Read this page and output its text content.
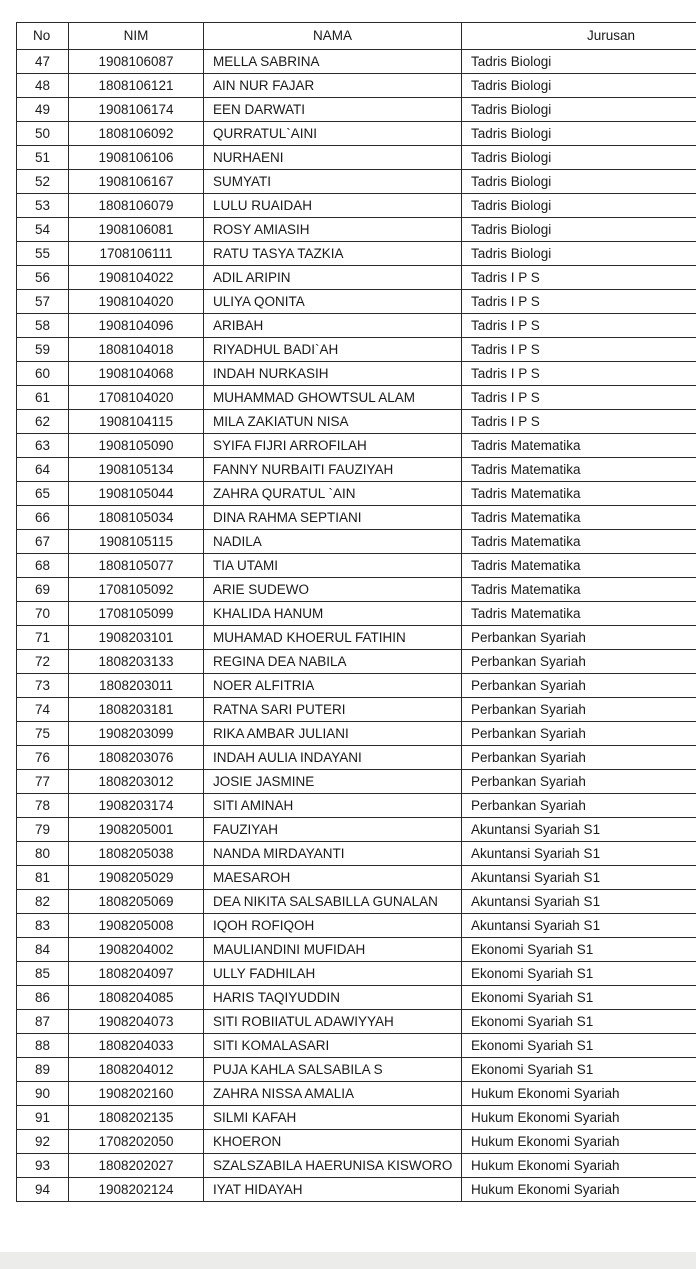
No	NIM	NAMA	Jurusan
47	1908106087	MELLA SABRINA	Tadris Biologi
48	1808106121	AIN NUR FAJAR	Tadris Biologi
49	1908106174	EEN DARWATI	Tadris Biologi
50	1808106092	QURRATUL`AINI	Tadris Biologi
51	1908106106	NURHAENI	Tadris Biologi
52	1908106167	SUMYATI	Tadris Biologi
53	1808106079	LULU RUAIDAH	Tadris Biologi
54	1908106081	ROSY AMIASIH	Tadris Biologi
55	1708106111	RATU TASYA TAZKIA	Tadris Biologi
56	1908104022	ADIL ARIPIN	Tadris I P S
57	1908104020	ULIYA QONITA	Tadris I P S
58	1908104096	ARIBAH	Tadris I P S
59	1808104018	RIYADHUL BADI`AH	Tadris I P S
60	1908104068	INDAH NURKASIH	Tadris I P S
61	1708104020	MUHAMMAD GHOWTSUL ALAM	Tadris I P S
62	1908104115	MILA ZAKIATUN NISA	Tadris I P S
63	1908105090	SYIFA FIJRI ARROFILAH	Tadris Matematika
64	1908105134	FANNY NURBAITI FAUZIYAH	Tadris Matematika
65	1908105044	ZAHRA QURATUL `AIN	Tadris Matematika
66	1808105034	DINA RAHMA SEPTIANI	Tadris Matematika
67	1908105115	NADILA	Tadris Matematika
68	1808105077	TIA UTAMI	Tadris Matematika
69	1708105092	ARIE SUDEWO	Tadris Matematika
70	1708105099	KHALIDA HANUM	Tadris Matematika
71	1908203101	MUHAMAD KHOERUL FATIHIN	Perbankan Syariah
72	1808203133	REGINA DEA NABILA	Perbankan Syariah
73	1808203011	NOER ALFITRIA	Perbankan Syariah
74	1808203181	RATNA SARI PUTERI	Perbankan Syariah
75	1908203099	RIKA AMBAR JULIANI	Perbankan Syariah
76	1808203076	INDAH AULIA INDAYANI	Perbankan Syariah
77	1808203012	JOSIE JASMINE	Perbankan Syariah
78	1908203174	SITI AMINAH	Perbankan Syariah
79	1908205001	FAUZIYAH	Akuntansi Syariah S1
80	1808205038	NANDA MIRDAYANTI	Akuntansi Syariah S1
81	1908205029	MAESAROH	Akuntansi Syariah S1
82	1808205069	DEA NIKITA SALSABILLA GUNALAN	Akuntansi Syariah S1
83	1908205008	IQOH ROFIQOH	Akuntansi Syariah S1
84	1908204002	MAULIANDINI MUFIDAH	Ekonomi Syariah S1
85	1808204097	ULLY FADHILAH	Ekonomi Syariah S1
86	1808204085	HARIS TAQIYUDDIN	Ekonomi Syariah S1
87	1908204073	SITI ROBIIATUL ADAWIYYAH	Ekonomi Syariah S1
88	1808204033	SITI KOMALASARI	Ekonomi Syariah S1
89	1808204012	PUJA KAHLA SALSABILA S	Ekonomi Syariah S1
90	1908202160	ZAHRA NISSA AMALIA	Hukum Ekonomi Syariah
91	1808202135	SILMI KAFAH	Hukum Ekonomi Syariah
92	1708202050	KHOERON	Hukum Ekonomi Syariah
93	1808202027	SZALSZABILA HAERUNISA KISWORO	Hukum Ekonomi Syariah
94	1908202124	IYAT HIDAYAH	Hukum Ekonomi Syariah
